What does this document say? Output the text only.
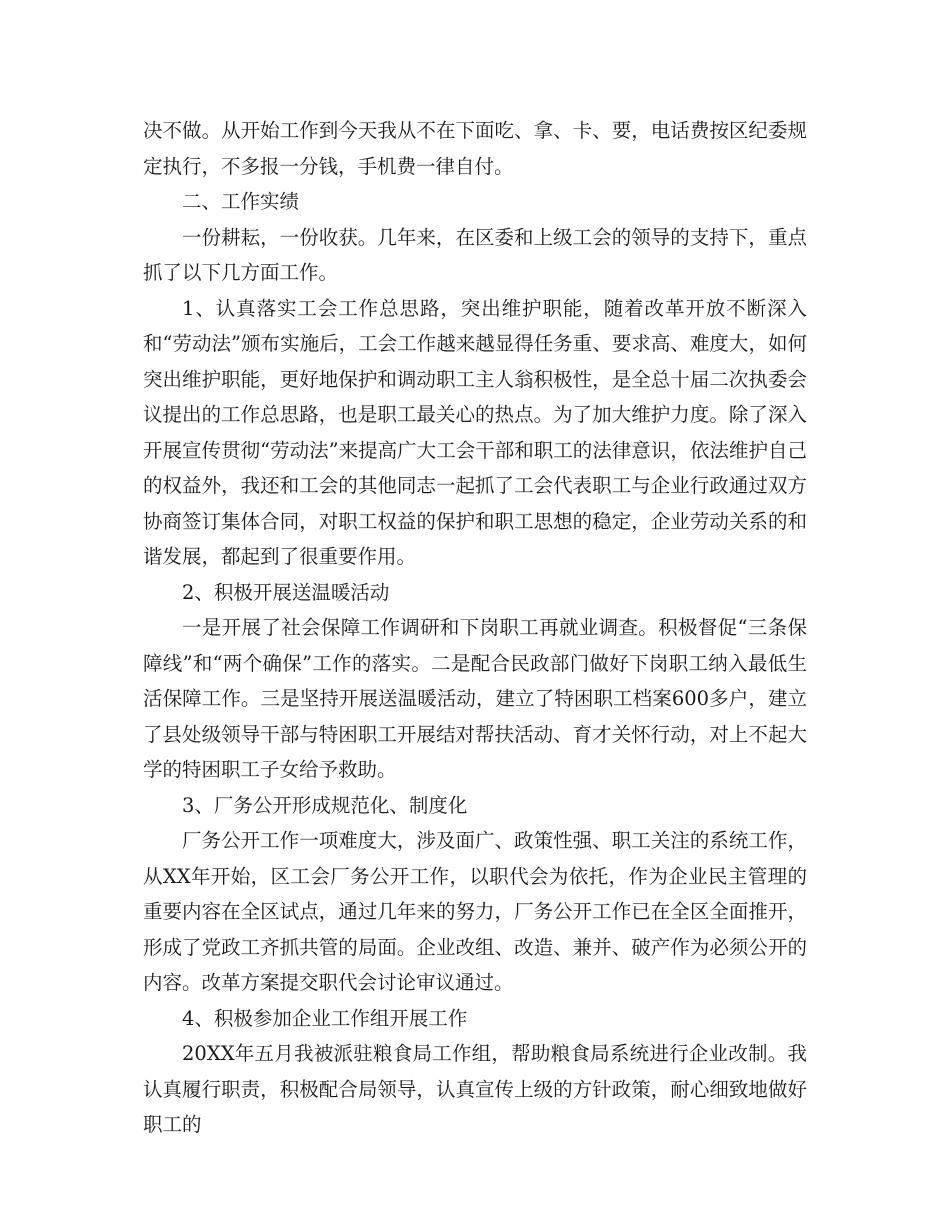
决不做。从开始工作到今天我从不在下面吃、拿、卡、要，电话费按区纪委规定执行，不多报一分钱，手机费一律自付。

二、工作实绩

一份耕耘，一份收获。几年来，在区委和上级工会的领导的支持下，重点抓了以下几方面工作。

1、认真落实工会工作总思路，突出维护职能，随着改革开放不断深入和“劳动法”颁布实施后，工会工作越来越显得任务重、要求高、难度大，如何突出维护职能，更好地保护和调动职工主人翁积极性，是全总十届二次执委会议提出的工作总思路，也是职工最关心的热点。为了加大维护力度。除了深入开展宣传贯彻“劳动法”来提高广大工会干部和职工的法律意识，依法维护自己的权益外，我还和工会的其他同志一起抓了工会代表职工与企业行政通过双方协商签订集体合同，对职工权益的保护和职工思想的稳定，企业劳动关系的和谐发展，都起到了很重要作用。

2、积极开展送温暖活动

一是开展了社会保障工作调研和下岗职工再就业调查。积极督促“三条保障线”和“两个确保”工作的落实。二是配合民政部门做好下岗职工纳入最低生活保障工作。三是坚持开展送温暖活动，建立了特困职工档案600多户，建立了县处级领导干部与特困职工开展结对帮扶活动、育才关怀行动，对上不起大学的特困职工子女给予救助。

3、厂务公开形成规范化、制度化

厂务公开工作一项难度大，涉及面广、政策性强、职工关注的系统工作，从XX年开始，区工会厂务公开工作，以职代会为依托，作为企业民主管理的重要内容在全区试点，通过几年来的努力，厂务公开工作已在全区全面推开，形成了党政工齐抓共管的局面。企业改组、改造、兼并、破产作为必须公开的内容。改革方案提交职代会讨论审议通过。

4、积极参加企业工作组开展工作

20XX年五月我被派驻粮食局工作组，帮助粮食局系统进行企业改制。我认真履行职责，积极配合局领导，认真宣传上级的方针政策，耐心细致地做好职工的
